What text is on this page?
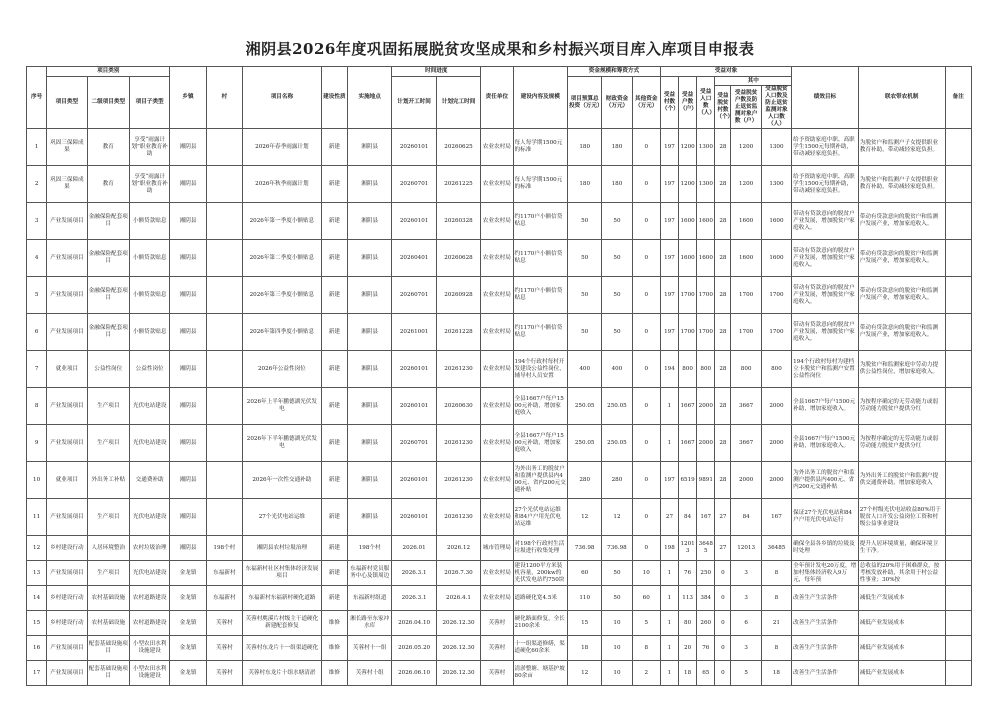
湘阴县2026年度巩固拓展脱贫攻坚成果和乡村振兴项目库入库项目申报表
序号	项目类别			乡镇	村	项目名称	建设性质	实施地点	时间进度		责任单位	建设内容及规模	资金规模和筹资方式			受益对象						绩效目标	联农带农机制	备注
	项目类型	二级项目类型	项目子类型						计划开工时间	计划完工时间			项目预算总投资（万元）	财政资金（万元）	其他资金（万元）	受益村数（个）	受益户数（户）	受益人口数（人）	其中					
																			受益脱贫村数（个）	受益脱贫户数及防止返贫监测对象户数（户）	受益脱贫人口数及防止返贫监测对象人口数（人）			
1	巩固三保障成果	教育	享受“雨露计划”职业教育补助	湘阴县		2026年春季雨露计划	新建	湘阴县	20260101	20260625	农业农村局	每人每学期1500元的标准	180	180	0	197	1200	1300	28	1200	1300	给予资助家庭中职、高职学生1500元每期补助，带动减轻家庭负担。	为脱贫户和监测户子女提供职业教育补助，带动减轻家庭负担。	
2	巩固三保障成果	教育	享受“雨露计划”职业教育补助	湘阴县		2026年秋季雨露计划	新建	湘阴县	20260701	20261225	农业农村局	每人每学期1500元的标准	180	180	0	197	1200	1300	28	1200	1300	给予资助家庭中职、高职学生1500元每期补助，带动减轻家庭负担。	为脱贫户和监测户子女提供职业教育补助，带动减轻家庭负担。	
3	产业发展项目	金融保险配套项目	小额贷款贴息	湘阴县		2026年第一季度小额贴息	新建	湘阴县	20260101	20260328	农业农村局	约1170户小额信贷贴息	50	50	0	197	1600	1600	28	1600	1600	带动有贷款意向的脱贫户产业发展，增加脱贫户家庭收入。	带动有贷款意向的脱贫户和监测户发展产业，增加家庭收入。	
4	产业发展项目	金融保险配套项目	小额贷款贴息	湘阴县		2026年第二季度小额贴息	新建	湘阴县	20260401	20260628	农业农村局	约1170户小额信贷贴息	50	50	0	197	1600	1600	28	1600	1600	带动有贷款意向的脱贫户产业发展，增加脱贫户家庭收入。	带动有贷款意向的脱贫户和监测户发展产业，增加家庭收入。	
5	产业发展项目	金融保险配套项目	小额贷款贴息	湘阴县		2026年第三季度小额贴息	新建	湘阴县	20260701	20260928	农业农村局	约1170户小额信贷贴息	50	50	0	197	1700	1700	28	1700	1700	带动有贷款意向的脱贫户产业发展，增加脱贫户家庭收入。	带动有贷款意向的脱贫户和监测户发展产业，增加家庭收入。	
6	产业发展项目	金融保险配套项目	小额贷款贴息	湘阴县		2026年第四季度小额贴息	新建	湘阴县	20261001	20261228	农业农村局	约1170户小额信贷贴息	50	50	0	197	1700	1700	28	1700	1700	带动有贷款意向的脱贫户产业发展，增加脱贫户家庭收入。	带动有贷款意向的脱贫户和监测户发展产业，增加家庭收入。	
7	就业项目	公益性岗位	公益性岗位	湘阴县		2026年公益性岗位	新建	湘阴县	20260101	20261230	农业农村局	194个行政村每村开发建设公益性岗位，辅导村人员安置	400	400	0	194	800	800	28	800	800	194个行政村每村为建档立卡脱贫户和监测户安置公益性岗位	为脱贫户和监测家庭中劳动力提供公益性岗位，增加家庭收入。	
8	产业发展项目	生产项目	光伏电站建设	湘阴县		2026年上半年鹏德湖光伏发电	新建	湘阴县	20260101	20260630	农业农村局	全县1667户每户1500元补助，增加家庭收入	250.05	250.05	0	1	1667	2000	28	3667	2000	全县1667户每户1500元补助，增加家庭收入。	为按程序确定的无劳动能力或弱劳动能力脱贫户提供分红	
9	产业发展项目	生产项目	光伏电站建设	湘阴县		2026年下半年鹏德湖光伏发电	新建	湘阴县	20260701	20261230	农业农村局	全县1667户每户1500元补助，增加家庭收入	250.05	250.05	0	1	1667	2000	28	3667	2000	全县1667户每户1500元补助，增加家庭收入。	为按程序确定的无劳动能力或弱劳动能力脱贫户提供分红	
10	就业项目	外出务工补贴	交通费补助	湘阴县		2026年一次性交通补助	新建	湘阴县	20260101	20261230	农业农村局	为外出务工的脱贫户和监测户提供县内400元、省内200元交通补贴	280	280	0	197	6519	9891	28	2000	2000	为外出务工的脱贫户和监测户提供县内400元、省内200元交通补贴	为外出务工的脱贫户和监测户提供交通费补助，增加家庭收入	
11	产业发展项目	生产项目	光伏电站建设	湘阴县		27个光伏电站运维	新建	湘阴县	20260101	20261230	农业农村局	27个光伏电站运维和84户户用光伏电站运维	12	12	0	27	84	167	27	84	167	保证27个光伏电站和84户户用光伏电站运行	27个村级光伏电站收益80%用于脱贫人口开发公益岗位工资和村级公益事业建设	
12	乡村建设行动	人居环境整治	农村垃圾治理	湘阴县	198个村	湘阴县农村垃圾治理	新建	198个村	2026.01	2026.12	城市管理局	对198个行政村生活垃圾进行收集处理	736.98	736.98	0	198	12013	36485	27	12013	36485	确保全县各乡镇的垃圾及时处理	提升人居环境质量，确保环境卫生干净。	
13	产业发展项目	生产项目	光伏电站建设	金龙镇	东福新村	东福新村社区村集体经济发展项目	新建	东福新村党员服务中心及镇周边	2026.3.1	2026.7.30	农业农村局	建设1200平方米装机容量，200kw的光伏发电站约750块	60	50	10	1	76	250	0	3	8	全年预计发电20万度，增加村集体经济收入9万元，每年预	总收益的20%用于困难群众，按考核发放补助，其余用于村公益性事业；30%按	
14	乡村建设行动	农村基础设施	农村道路建设	金龙镇	东福新村	东福新村东福新村硬化道路	新建	东福新村组道	2026.3.1	2026.4.1	农业农村局	道路硬化宽4.5米	110	50	60	1	113	384	0	3	8	改善生产生活条件	减低生产发展成本	
15	乡村建设行动	农村基础设施	农村道路建设	金龙镇	芙蓉村	芙蓉村麂溪片村级主干道硬化新建配套修复	维修	湘长路至东家冲水库	2026.04.10	2026.12.30	芙蓉村	硬化路面修复，全长2100余米	15	10	5	1	80	260	0	6	21	改善生产生活条件	减低产业发展成本	
16	产业发展项目	配套基础设施项目	小型农田水利设施建设	金龙镇	芙蓉村	芙蓉村东龙片十一组渠道硬化	维修	芙蓉村十一组	2026.05.20	2026.12.30	芙蓉村	十一组渠道修缮，渠道硬化60余米	18	10	8	1	20	76	0	3	8	改善生产生活条件	减低产业发展成本	
17	产业发展项目	配套基础设施项目	小型农田水利设施建设	金龙镇	芙蓉村	芙蓉村东龙片十组水塘清淤	维修	芙蓉村十组	2026.06.10	2026.12.30	芙蓉村	清淤整塘、塘基护坡80余亩	12	10	2	1	18	65	0	5	18	改善生产生活条件	减低产业发展成本	
